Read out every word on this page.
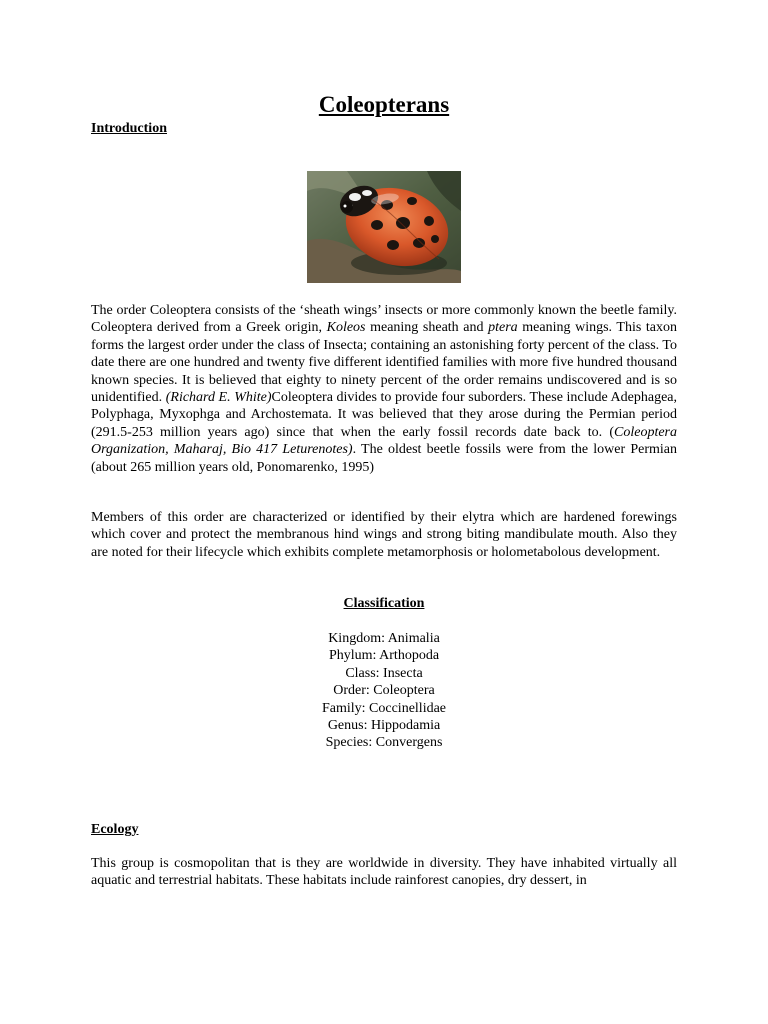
Coleopterans
Introduction

The order Coleoptera consists of the ‘sheath wings’ insects or more commonly known the beetle family. Coleoptera derived from a Greek origin, Koleos meaning sheath and ptera meaning wings. This taxon forms the largest order under the class of Insecta; containing an astonishing forty percent of the class. To date there are one hundred and twenty five different identified families with more five hundred thousand known species. It is believed that eighty to ninety percent of the order remains undiscovered and is so unidentified. (Richard E. White)Coleoptera divides to provide four suborders. These include Adephagea, Polyphaga, Myxophga and Archostemata. It was believed that they arose during the Permian period (291.5-253 million years ago) since that when the early fossil records date back to. (Coleoptera Organization, Maharaj, Bio 417 Leturenotes). The oldest beetle fossils were from the lower Permian (about 265 million years old, Ponomarenko, 1995)

Members of this order are characterized or identified by their elytra which are hardened forewings which cover and protect the membranous hind wings and strong biting mandibulate mouth. Also they are noted for their lifecycle which exhibits complete metamorphosis or holometabolous development.
Classification
Kingdom: Animalia
Phylum: Arthopoda
Class: Insecta
Order: Coleoptera
Family: Coccinellidae
Genus: Hippodamia
Species: Convergens
Ecology
This group is cosmopolitan that is they are worldwide in diversity. They have inhabited virtually all aquatic and terrestrial habitats. These habitats include rainforest canopies, dry dessert, in
